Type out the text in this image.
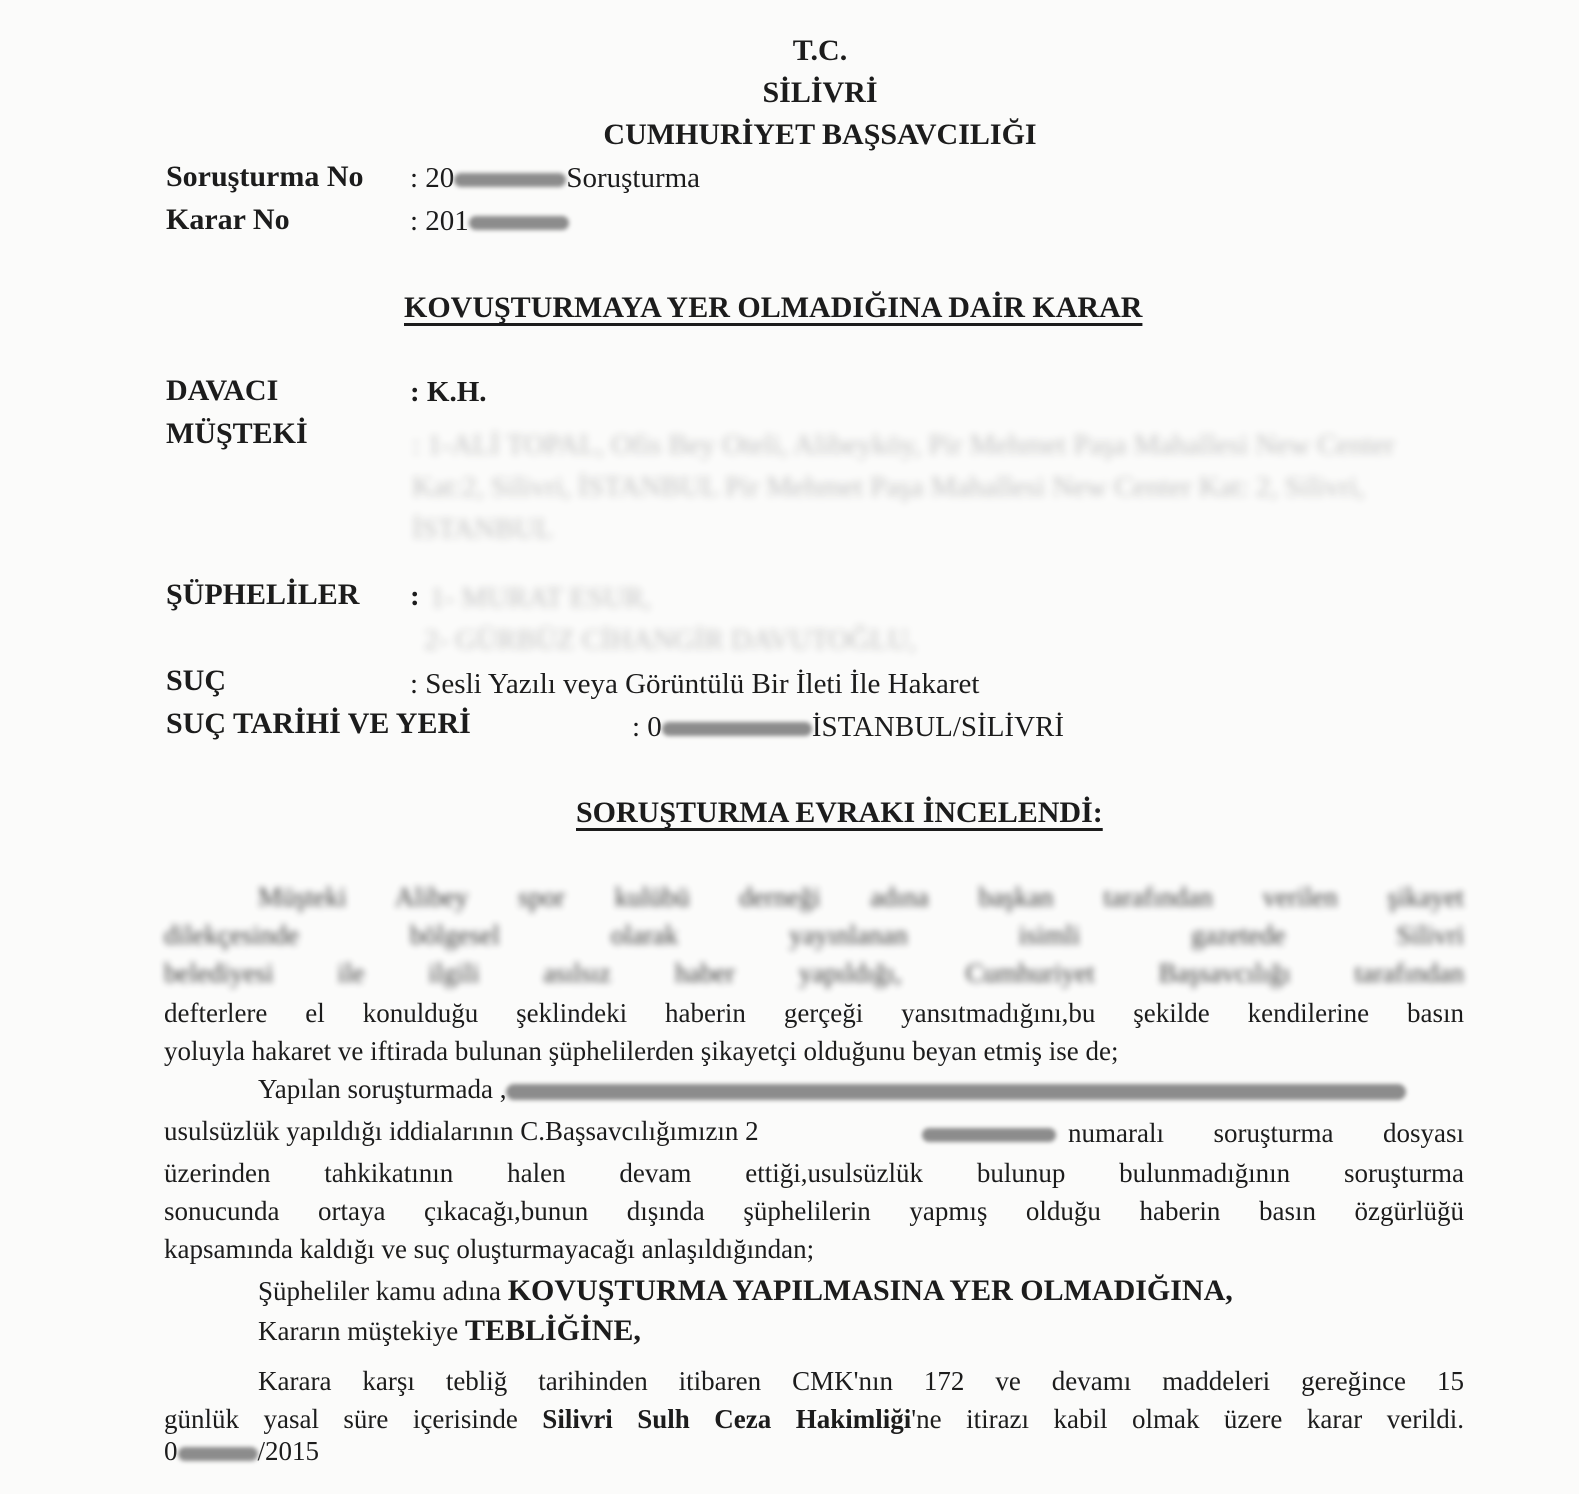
T.C.
SİLİVRİ
CUMHURİYET BAŞSAVCILIĞI
Soruşturma No : 20	Soruşturma
Karar No	: 201
KOVUŞTURMAYA YER OLMADIĞINA DAİR KARAR
DAVACI	: K.H.
MÜŞTEKİ	: 1-ALİ TOPAL, Ofis Bey Oteli, Alibeyköy, Pir Mehmet Paşa Mahallesi New Center Kat:2, Silivri, İSTANBUL Pir Mehmet Paşa Mahallesi New Center Kat: 2, Silivri, İSTANBUL
ŞÜPHELİLER : 1- MURAT ESUR,
2- GÜRBÜZ CİHANGİR DAVUTOĞLU,
SUÇ	: Sesli Yazılı veya Görüntülü Bir İleti İle Hakaret
SUÇ TARİHİ VE YERİ	: 0	İSTANBUL/SİLİVRİ
SORUŞTURMA EVRAKI İNCELENDİ:
Müşteki Alibey spor kulübü derneği adına başkan tarafından verilen şikayet
dilekçesinde bölgesel olarak yayınlanan isimli gazetede Silivri
belediyesi ile ilgili asılsız haber yapıldığı, Cumhuriyet Başsavcılığı tarafından
defterlere el konulduğu şeklindeki haberin gerçeği yansıtmadığını,bu şekilde kendilerine basın
yoluyla hakaret ve iftirada bulunan şüphelilerden şikayetçi olduğunu beyan etmiş ise de;
Yapılan soruşturmada ,
usulsüzlük yapıldığı iddialarının C.Başsavcılığımızın 2	numaralı soruşturma dosyası
üzerinden tahkikatının halen devam ettiği,usulsüzlük bulunup bulunmadığının soruşturma
sonucunda ortaya çıkacağı,bunun dışında şüphelilerin yapmış olduğu haberin basın özgürlüğü
kapsamında kaldığı ve suç oluşturmayacağı anlaşıldığından;
Şüpheliler kamu adına KOVUŞTURMA YAPILMASINA YER OLMADIĞINA,
Kararın müştekiye TEBLİĞİNE,
Karara karşı tebliğ tarihinden itibaren CMK'nın 172 ve devamı maddeleri gereğince 15
günlük yasal süre içerisinde Silivri Sulh Ceza Hakimliği'ne itirazı kabil olmak üzere karar verildi.
0	/2015
